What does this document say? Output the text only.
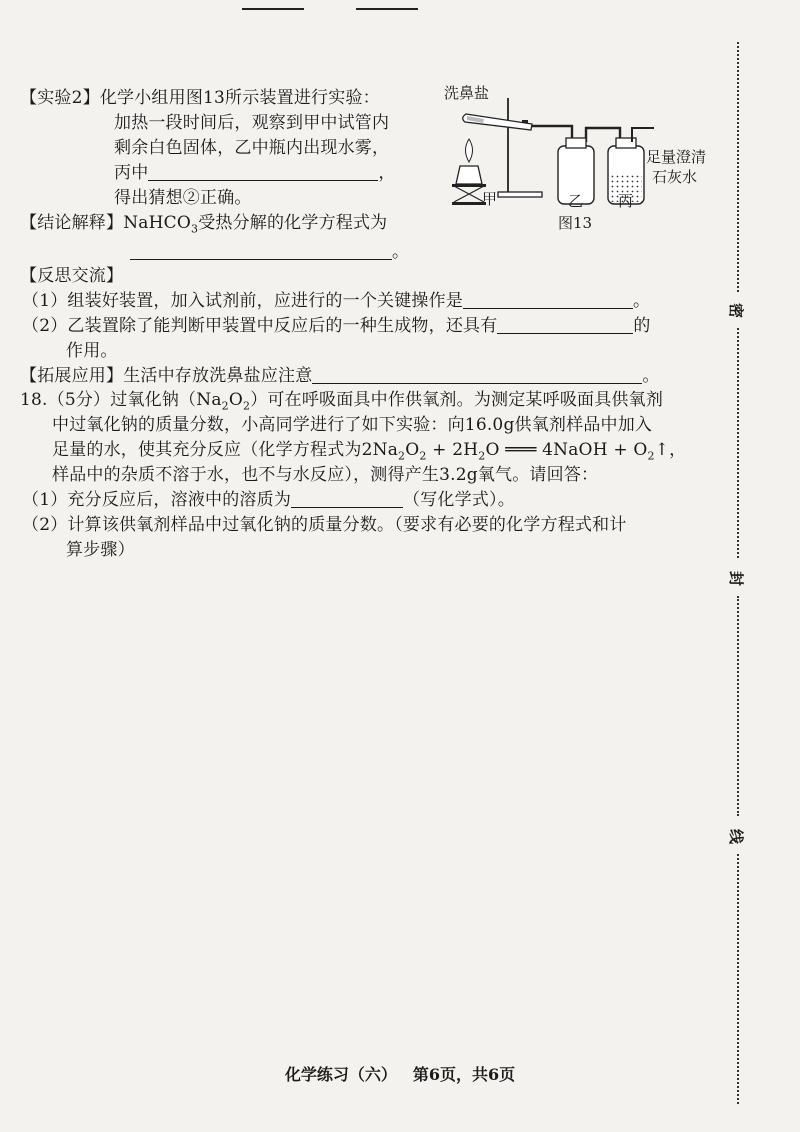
【实验2】化学小组用图13所示装置进行实验：
加热一段时间后，观察到甲中试管内
剩余白色固体，乙中瓶内出现水雾，
丙中	，
得出猜想②正确。
【结论解释】NaHCO$_3$受热分解的化学方程式为
。
【反思交流】
（1）组装好装置，加入试剂前，应进行的一个关键操作是	。
（2）乙装置除了能判断甲装置中反应后的一种生成物，还具有	的
作用。
【拓展应用】生活中存放洗鼻盐应注意	。
18.（5分）过氧化钠$(Na_2O_2)$可在呼吸面具中作供氧剂。为测定某呼吸面具供氧剂
中过氧化钠的质量分数，小高同学进行了如下实验：向16.0g供氧剂样品中加入
足量的水，使其充分反应（化学方程式为$2Na_2O_2 + 2H_2O$ ═══ 4NaOH + $O_2↑$，
样品中的杂质不溶于水，也不与水反应），测得产生3.2g氧气。请回答：
（1）充分反应后，溶液中的溶质为	（写化学式）。
（2）计算该供氧剂样品中过氧化钠的质量分数。（要求有必要的化学方程式和计
算步骤）
洗鼻盐
足量澄清
石灰水
甲	乙 丙
图13
密
封
线
化学练习（六） 第6页，共6页
